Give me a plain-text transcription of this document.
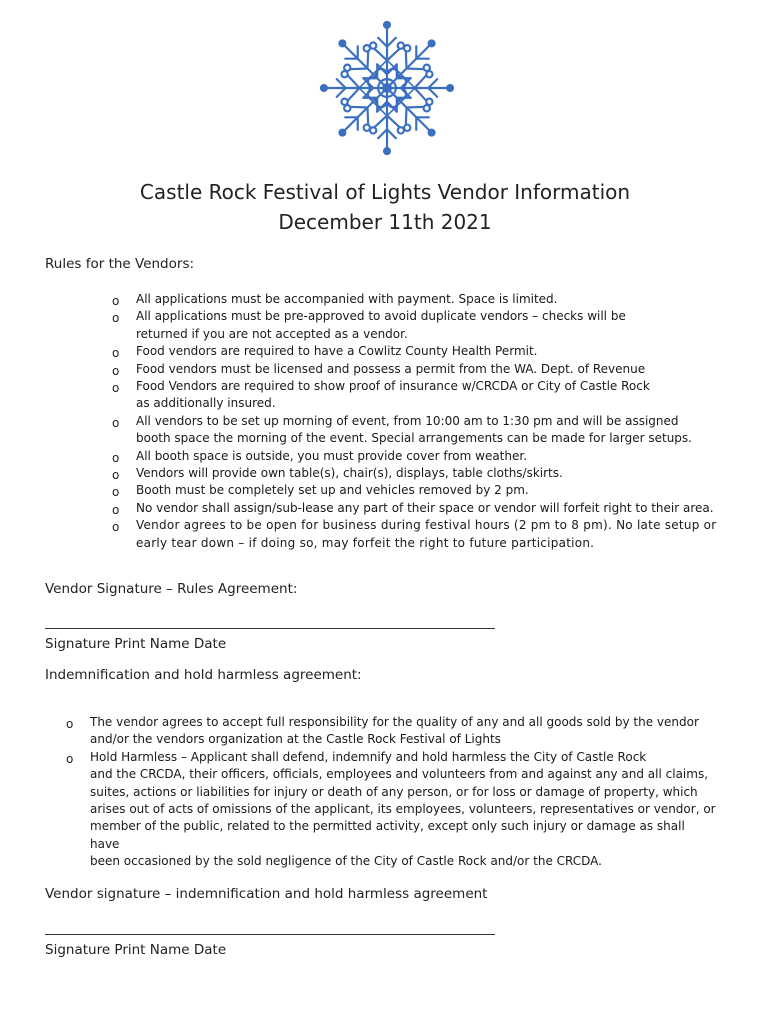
Castle Rock Festival of Lights Vendor Information
December 11th 2021
Rules for the Vendors:
o All applications must be accompanied with payment. Space is limited.
o All applications must be pre-approved to avoid duplicate vendors – checks will be
returned if you are not accepted as a vendor.
o Food vendors are required to have a Cowlitz County Health Permit.
o Food vendors must be licensed and possess a permit from the WA. Dept. of Revenue
o Food Vendors are required to show proof of insurance w/CRCDA or City of Castle Rock
as additionally insured.
o All vendors to be set up morning of event, from 10:00 am to 1:30 pm and will be assigned
booth space the morning of the event. Special arrangements can be made for larger setups.
o All booth space is outside, you must provide cover from weather.
o Vendors will provide own table(s), chair(s), displays, table cloths/skirts.
o Booth must be completely set up and vehicles removed by 2 pm.
o No vendor shall assign/sub-lease any part of their space or vendor will forfeit right to their area.
o Vendor agrees to be open for business during festival hours (2 pm to 8 pm). No late setup or
early tear down – if doing so, may forfeit the right to future participation.
Vendor Signature – Rules Agreement:
Signature Print Name Date
Indemnification and hold harmless agreement:
o The vendor agrees to accept full responsibility for the quality of any and all goods sold by the vendor
and/or the vendors organization at the Castle Rock Festival of Lights
o Hold Harmless – Applicant shall defend, indemnify and hold harmless the City of Castle Rock
and the CRCDA, their officers, officials, employees and volunteers from and against any and all claims,
suites, actions or liabilities for injury or death of any person, or for loss or damage of property, which
arises out of acts of omissions of the applicant, its employees, volunteers, representatives or vendor, or
member of the public, related to the permitted activity, except only such injury or damage as shall have
been occasioned by the sold negligence of the City of Castle Rock and/or the CRCDA.
Vendor signature – indemnification and hold harmless agreement
Signature Print Name Date
